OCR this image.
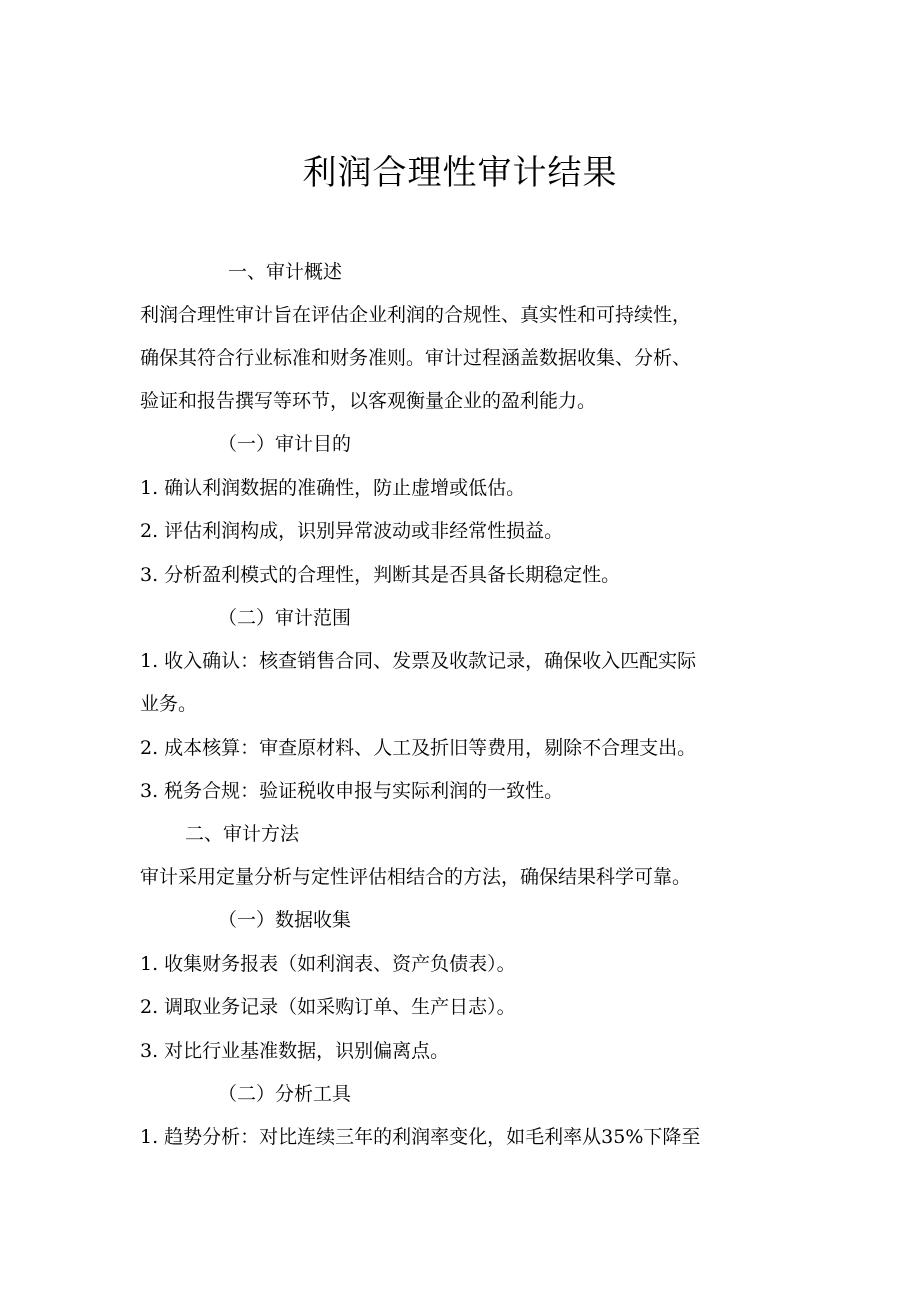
利润合理性审计结果
一、审计概述
利润合理性审计旨在评估企业利润的合规性、真实性和可持续性，
确保其符合行业标准和财务准则。审计过程涵盖数据收集、分析、
验证和报告撰写等环节，以客观衡量企业的盈利能力。
（一）审计目的
1. 确认利润数据的准确性，防止虚增或低估。
2. 评估利润构成，识别异常波动或非经常性损益。
3. 分析盈利模式的合理性，判断其是否具备长期稳定性。
（二）审计范围
1. 收入确认：核查销售合同、发票及收款记录，确保收入匹配实际
业务。
2. 成本核算：审查原材料、人工及折旧等费用，剔除不合理支出。
3. 税务合规：验证税收申报与实际利润的一致性。
二、审计方法
审计采用定量分析与定性评估相结合的方法，确保结果科学可靠。
（一）数据收集
1. 收集财务报表（如利润表、资产负债表）。
2. 调取业务记录（如采购订单、生产日志）。
3. 对比行业基准数据，识别偏离点。
（二）分析工具
1. 趋势分析：对比连续三年的利润率变化，如毛利率从35%下降至
